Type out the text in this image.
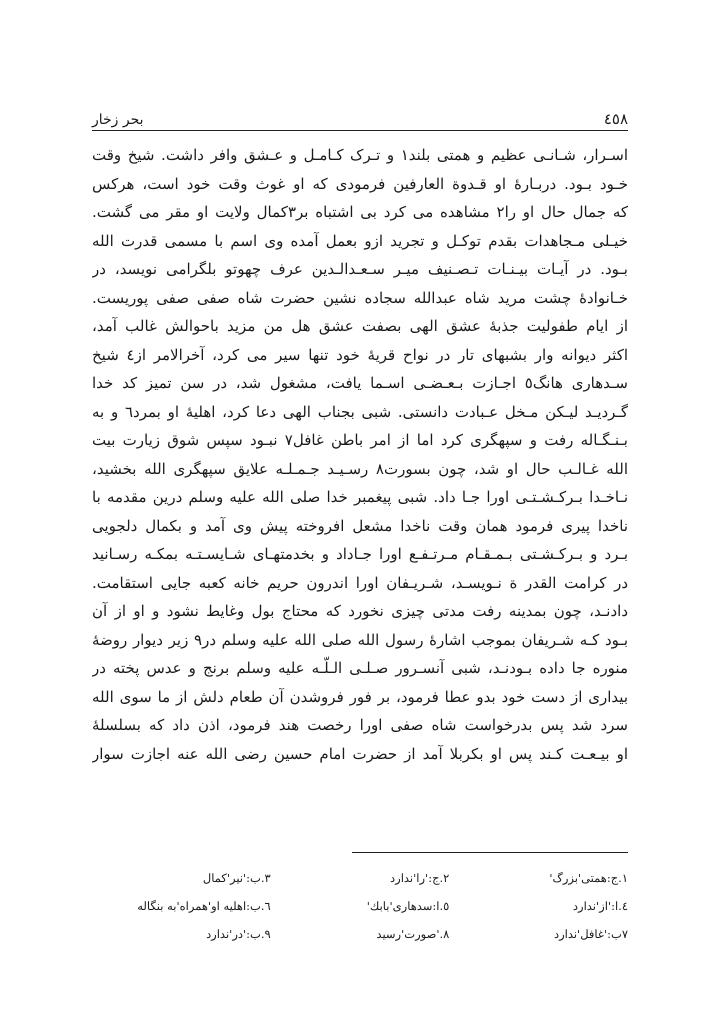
٤٥٨
بحر زخار
اسـرار، شـانـی عظیم و همتی بلند١ و تـرک کـامـل و عـشق وافر داشت. شیخ وقت
خـود بـود. دربـارهٔ او قـدوة العارفین فرمودی که او غوث وقت خود است، هرکس
که جمال حال او را٢ مشاهده می کرد بی اشتباه بر٣کمال ولایت او مقر می گشت.
خیـلی مـجاهدات بقدم توکـل و تجرید ازو بعمل آمده وی اسم با مسمی قدرت الله
بـود. در آیـات بیـنـات تـصـنیف میـر سـعـدالـدین عرف چهوتو بلگرامی نویسد، در
خـانوادهٔ چشت مرید شاه عبدالله سجاده نشین حضرت شاه صفی صفی پوریست.
از ایام طفولیت جذبهٔ عشق الهی بصفت عشق هل من مزید باحوالش غالب آمد،
اکثر دیوانه وار بشبهای تار در نواح قریهٔ خود تنها سیر می کرد، آخرالامر از٤ شیخ
سـدهاری هانگ٥ اجـازت بـعـضـی اسـما یافت، مشغول شد، در سن تمیز کد خدا
گـردیـد لیـکن مـخل عـبادت دانستی. شبی بجناب الهی دعا کرد، اهلیهٔ او بمرد٦ و به
بـنـگـاله رفت و سپهگری کرد اما از امر باطن غافل٧ نبـود سپس شوق زیارت بیت
الله غـالـب حال او شد، چون بسورت٨ رسـیـد جـمـلـه علایق سپهگری الله بخشید،
نـاخـدا بـرکـشـتـی اورا جـا داد. شبی پیغمبر خدا صلی الله علیه وسلم درین مقدمه با
ناخدا پیری فرمود همان وقت ناخدا مشعل افروخته پیش وی آمد و بکمال دلجویی
بـرد و بـرکـشـتی بـمـقـام مـرتـفـع اورا جـاداد و بخدمتهـای شـایسـتـه بمکـه رسـانید
در کرامت القدر ة نـویسـد، شـریـفان اورا اندرون حریم خانه کعبه جایی استقامت.
دادنـد، چون بمدینه رفت مدتی چیزی نخورد که محتاج بول وغایط نشود و او از آن
بـود کـه شـریفان بموجب اشارهٔ رسول الله صلی الله علیه وسلم در٩ زیر دیوار روضهٔ
منوره جا داده بـودنـد، شبی آنسـرور صـلـی الـلّـه علیه وسلم برنج و عدس پخته در
بیداری از دست خود بدو عطا فرمود، بر فور فروشدن آن طعام دلش از ما سوی الله
سرد شد پس بدرخواست شاه صفی اورا رخصت هند فرمود، اذن داد که بسلسلهٔ
او بیـعـت کـند پس او بکربلا آمد از حضرت امام حسین رضی الله عنه اجازت سوار
١.ج:همتی'بزرگ'
٢.ج:'را'ندارد
٣.ب:'نیر'کمال
٤.ا:'از'ندارد
٥.ا:سدهاری'بابك'
٦.ب:اهلیه او'همراه'به بنگاله
٧ب:'غافل'ندارد
٨.'صورت'رسید
٩.ب:'در'ندارد
